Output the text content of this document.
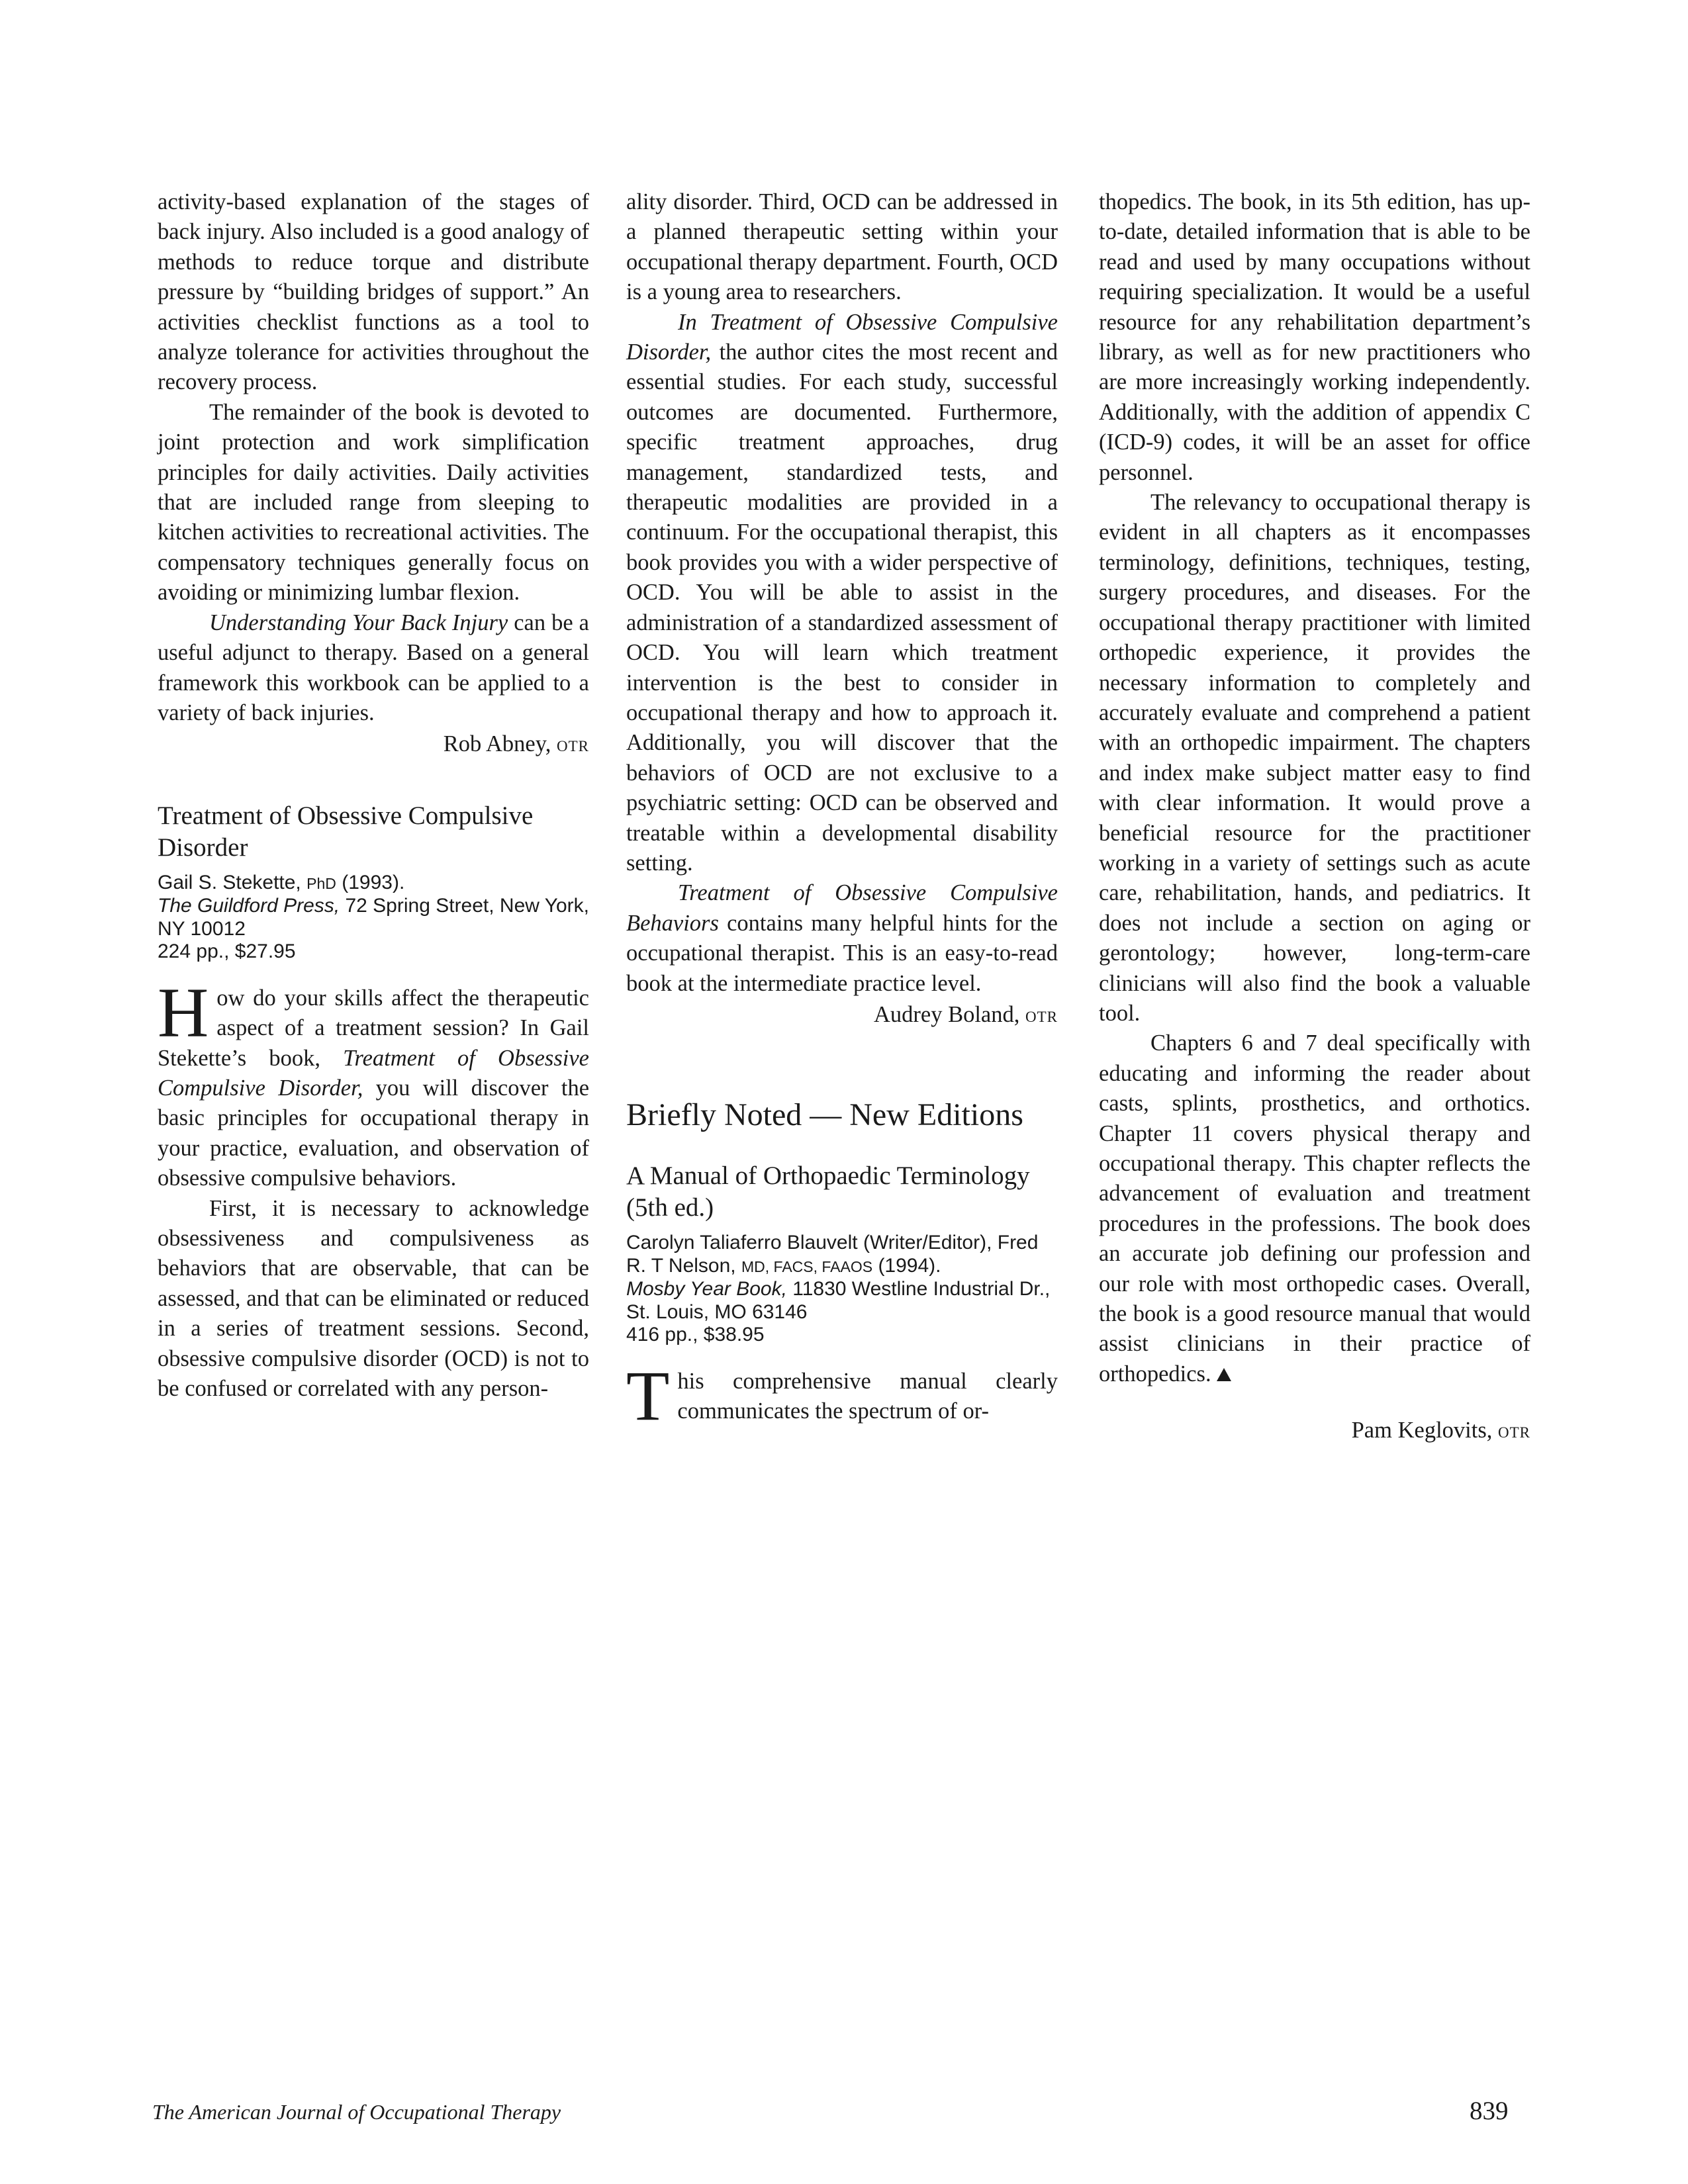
activity-based explanation of the stages of back injury. Also included is a good analogy of methods to reduce torque and distribute pressure by “building bridges of support.” An activities checklist functions as a tool to analyze tolerance for activities throughout the recovery process.

The remainder of the book is devoted to joint protection and work simplification principles for daily activities. Daily activities that are included range from sleeping to kitchen activities to recreational activities. The compensatory techniques generally focus on avoiding or minimizing lumbar flexion.

Understanding Your Back Injury can be a useful adjunct to therapy. Based on a general framework this workbook can be applied to a variety of back injuries.

Rob Abney, OTR
Treatment of Obsessive Compulsive Disorder
Gail S. Stekette, PhD (1993).
The Guildford Press, 72 Spring Street, New York, NY 10012
224 pp., $27.95

How do your skills affect the therapeutic aspect of a treatment session? In Gail Stekette’s book, Treatment of Obsessive Compulsive Disorder, you will discover the basic principles for occupational therapy in your practice, evaluation, and observation of obsessive compulsive behaviors.

First, it is necessary to acknowledge obsessiveness and compulsiveness as behaviors that are observable, that can be assessed, and that can be eliminated or reduced in a series of treatment sessions. Second, obsessive compulsive disorder (OCD) is not to be confused or correlated with any person-

ality disorder. Third, OCD can be addressed in a planned therapeutic setting within your occupational therapy department. Fourth, OCD is a young area to researchers.

In Treatment of Obsessive Compulsive Disorder, the author cites the most recent and essential studies. For each study, successful outcomes are documented. Furthermore, specific treatment approaches, drug management, standardized tests, and therapeutic modalities are provided in a continuum. For the occupational therapist, this book provides you with a wider perspective of OCD. You will be able to assist in the administration of a standardized assessment of OCD. You will learn which treatment intervention is the best to consider in occupational therapy and how to approach it. Additionally, you will discover that the behaviors of OCD are not exclusive to a psychiatric setting: OCD can be observed and treatable within a developmental disability setting.

Treatment of Obsessive Compulsive Behaviors contains many helpful hints for the occupational therapist. This is an easy-to-read book at the intermediate practice level.

Audrey Boland, OTR
Briefly Noted — New Editions
A Manual of Orthopaedic Terminology (5th ed.)
Carolyn Taliaferro Blauvelt (Writer/Editor), Fred R. T Nelson, MD, FACS, FAAOS (1994).
Mosby Year Book, 11830 Westline Industrial Dr., St. Louis, MO 63146
416 pp., $38.95

This comprehensive manual clearly communicates the spectrum of or-

thopedics. The book, in its 5th edition, has up-to-date, detailed information that is able to be read and used by many occupations without requiring specialization. It would be a useful resource for any rehabilitation department’s library, as well as for new practitioners who are more increasingly working independently. Additionally, with the addition of appendix C (ICD-9) codes, it will be an asset for office personnel.

The relevancy to occupational therapy is evident in all chapters as it encompasses terminology, definitions, techniques, testing, surgery procedures, and diseases. For the occupational therapy practitioner with limited orthopedic experience, it provides the necessary information to completely and accurately evaluate and comprehend a patient with an orthopedic impairment. The chapters and index make subject matter easy to find with clear information. It would prove a beneficial resource for the practitioner working in a variety of settings such as acute care, rehabilitation, hands, and pediatrics. It does not include a section on aging or gerontology; however, long-term-care clinicians will also find the book a valuable tool.

Chapters 6 and 7 deal specifically with educating and informing the reader about casts, splints, prosthetics, and orthotics. Chapter 11 covers physical therapy and occupational therapy. This chapter reflects the advancement of evaluation and treatment procedures in the professions. The book does an accurate job defining our profession and our role with most orthopedic cases. Overall, the book is a good resource manual that would assist clinicians in their practice of orthopedics.

Pam Keglovits, OTR
The American Journal of Occupational Therapy	839
